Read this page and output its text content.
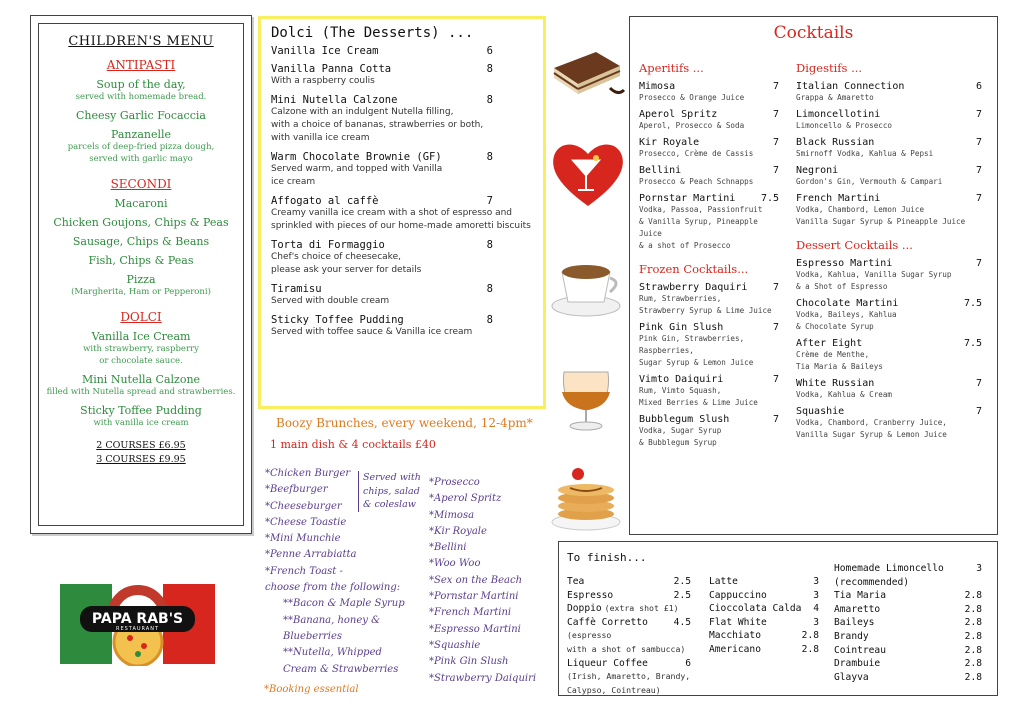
CHILDREN'S MENU
ANTIPASTI
Soup of the day,
served with homemade bread.
Cheesy Garlic Focaccia
Panzanelle
parcels of deep-fried pizza dough,
served with garlic mayo
SECONDI
Macaroni
Chicken Goujons, Chips & Peas
Sausage, Chips & Beans
Fish, Chips & Peas
Pizza
(Margherita, Ham or Pepperoni)
DOLCI
Vanilla Ice Cream
with strawberry, raspberry
or chocolate sauce.
Mini Nutella Calzone
filled with Nutella spread and strawberries.
Sticky Toffee Pudding
with vanilla ice cream
2 COURSES £6.95
3 COURSES £9.95
Dolci (The Desserts) ...
Vanilla Ice Cream	6
Vanilla Panna Cotta	8
With a raspberry coulis
Mini Nutella Calzone	8
Calzone with an indulgent Nutella filling,
with a choice of bananas, strawberries or both,
with vanilla ice cream
Warm Chocolate Brownie (GF)	8
Served warm, and topped with Vanilla
ice cream
Affogato al caffè	7
Creamy vanilla ice cream with a shot of espresso and
sprinkled with pieces of our home-made amoretti biscuits
Torta di Formaggio	8
Chef's choice of cheesecake,
please ask your server for details
Tiramisu	8
Served with double cream
Sticky Toffee Pudding	8
Served with toffee sauce & Vanilla ice cream
Boozy Brunches, every weekend, 12-4pm*
1 main dish & 4 cocktails £40
*Chicken Burger
*Beefburger
*Cheeseburger
*Cheese Toastie
*Mini Munchie
*Penne Arrabiatta
*French Toast -
choose from the following:
**Bacon & Maple Syrup
**Banana, honey &
Blueberries
**Nutella, Whipped
Cream & Strawberries
Served with
chips, salad
& coleslaw
*Prosecco
*Aperol Spritz
*Mimosa
*Kir Royale
*Bellini
*Woo Woo
*Sex on the Beach
*Pornstar Martini
*French Martini
*Espresso Martini
*Squashie
*Pink Gin Slush
*Strawberry Daiquiri
*Booking essential
Cocktails
Aperitifs ...
Mimosa	7
Prosecco & Orange Juice
Aperol Spritz	7
Aperol, Prosecco & Soda
Kir Royale	7
Prosecco, Crème de Cassis
Bellini	7
Prosecco & Peach Schnapps
Pornstar Martini	7.5
Vodka, Passoa, Passionfruit
& Vanilla Syrup, Pineapple Juice
& a shot of Prosecco
Frozen Cocktails...
Strawberry Daquiri	7
Rum, Strawberries,
Strawberry Syrup & Lime Juice
Pink Gin Slush	7
Pink Gin, Strawberries, Raspberries,
Sugar Syrup & Lemon Juice
Vimto Daiquiri	7
Rum, Vimto Squash,
Mixed Berries & Lime Juice
Bubblegum Slush	7
Vodka, Sugar Syrup
& Bubblegum Syrup
Digestifs ...
Italian Connection	6
Grappa & Amaretto
Limoncellotini	7
Limoncello & Prosecco
Black Russian	7
Smirnoff Vodka, Kahlua & Pepsi
Negroni	7
Gordon's Gin, Vermouth & Campari
French Martini	7
Vodka, Chambord, Lemon Juice
Vanilla Sugar Syrup & Pineapple Juice
Dessert Cocktails ...
Espresso Martini	7
Vodka, Kahlua, Vanilla Sugar Syrup
& a Shot of Espresso
Chocolate Martini	7.5
Vodka, Baileys, Kahlua
& Chocolate Syrup
After Eight	7.5
Crème de Menthe,
Tia Maria & Baileys
White Russian	7
Vodka, Kahlua & Cream
Squashie	7
Vodka, Chambord, Cranberry Juice,
Vanilla Sugar Syrup & Lemon Juice
To finish...
Tea	2.5
Espresso	2.5
Doppio (extra shot £1)
Caffè Corretto	4.5
(espresso
with a shot of sambucca)
Liqueur Coffee	6
(Irish, Amaretto, Brandy,
Calypso, Cointreau)
Latte	3
Cappuccino	3
Cioccolata Calda 4
Flat White	3
Macchiato	2.8
Americano	2.8
Homemade Limoncello	3
(recommended)
Tia Maria	2.8
Amaretto	2.8
Baileys	2.8
Brandy	2.8
Cointreau	2.8
Drambuie	2.8
Glayva	2.8
PAPA RAB'S
RESTAURANT
